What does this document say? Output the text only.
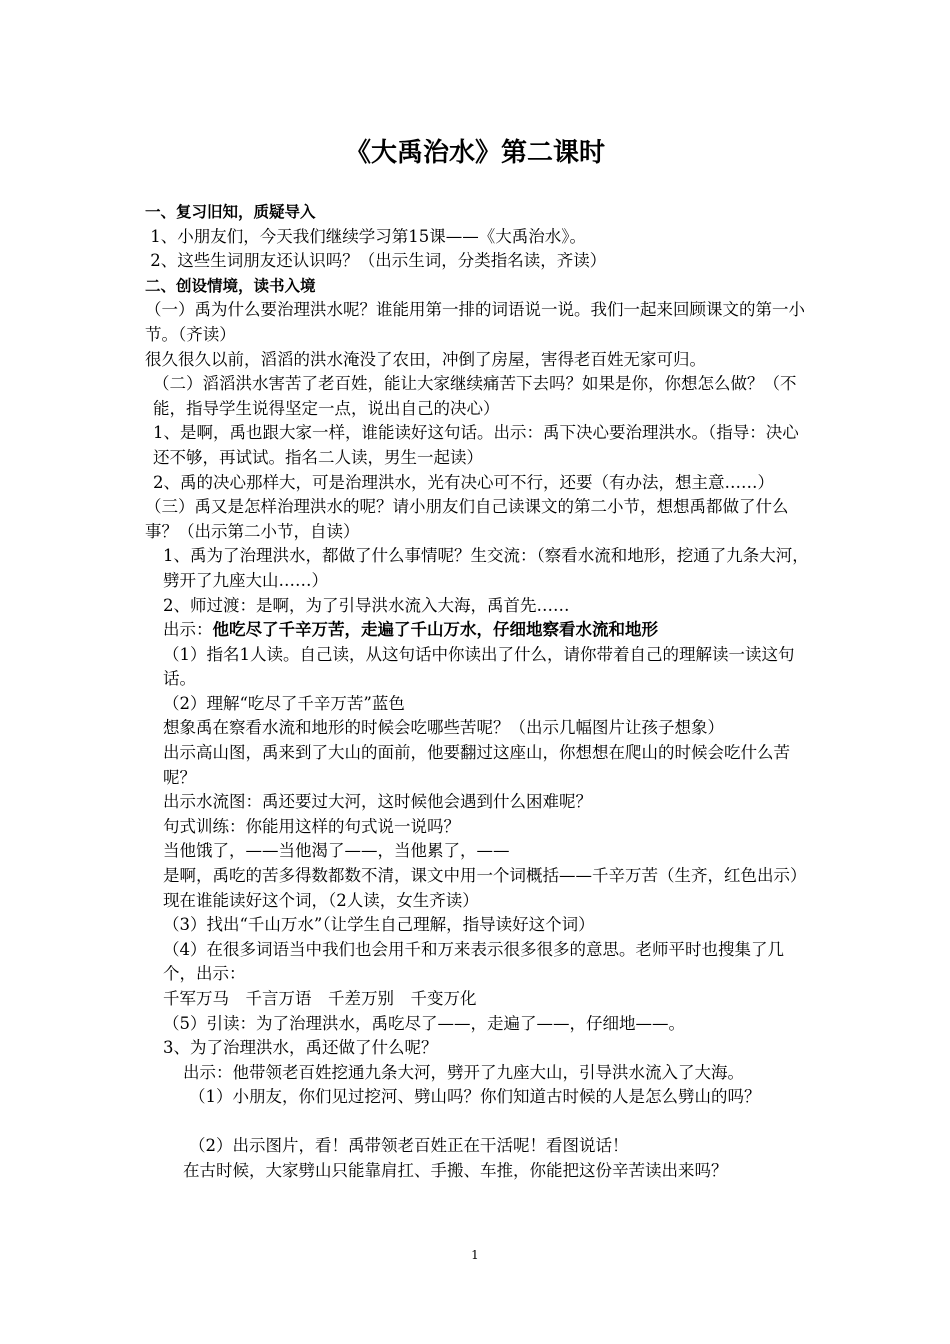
《大禹治水》第二课时
一、复习旧知，质疑导入
1、小朋友们，今天我们继续学习第15课——《大禹治水》。
2、这些生词朋友还认识吗？（出示生词，分类指名读，齐读）
二、创设情境，读书入境
（一）禹为什么要治理洪水呢？谁能用第一排的词语说一说。我们一起来回顾课文的第一小节。（齐读）
很久很久以前，滔滔的洪水淹没了农田，冲倒了房屋，害得老百姓无家可归。
（二）滔滔洪水害苦了老百姓，能让大家继续痛苦下去吗？如果是你，你想怎么做？（不能，指导学生说得坚定一点，说出自己的决心）
1、是啊，禹也跟大家一样，谁能读好这句话。出示：禹下决心要治理洪水。（指导：决心还不够，再试试。指名二人读，男生一起读）
2、禹的决心那样大，可是治理洪水，光有决心可不行，还要（有办法，想主意……）
（三）禹又是怎样治理洪水的呢？请小朋友们自己读课文的第二小节，想想禹都做了什么事？（出示第二小节，自读）
1、禹为了治理洪水，都做了什么事情呢？生交流：（察看水流和地形，挖通了九条大河，劈开了九座大山……）
2、师过渡：是啊，为了引导洪水流入大海，禹首先……
出示：他吃尽了千辛万苦，走遍了千山万水，仔细地察看水流和地形
（1）指名1人读。自己读，从这句话中你读出了什么，请你带着自己的理解读一读这句话。
（2）理解“吃尽了千辛万苦”蓝色
想象禹在察看水流和地形的时候会吃哪些苦呢？（出示几幅图片让孩子想象）
出示高山图，禹来到了大山的面前，他要翻过这座山，你想想在爬山的时候会吃什么苦呢？
出示水流图：禹还要过大河，这时候他会遇到什么困难呢？
句式训练：你能用这样的句式说一说吗？
当他饿了，——当他渴了——，当他累了，——
是啊，禹吃的苦多得数都数不清，课文中用一个词概括——千辛万苦（生齐，红色出示）现在谁能读好这个词，（2人读，女生齐读）
（3）找出“千山万水”（让学生自己理解，指导读好这个词）
（4）在很多词语当中我们也会用千和万来表示很多很多的意思。老师平时也搜集了几个，出示：
千军万马　千言万语　千差万别　千变万化
（5）引读：为了治理洪水，禹吃尽了——，走遍了——，仔细地——。
3、为了治理洪水，禹还做了什么呢？
出示：他带领老百姓挖通九条大河，劈开了九座大山，引导洪水流入了大海。
（1）小朋友，你们见过挖河、劈山吗？你们知道古时候的人是怎么劈山的吗？
（2）出示图片，看！禹带领老百姓正在干活呢！看图说话！
在古时候，大家劈山只能靠肩扛、手搬、车推，你能把这份辛苦读出来吗？
1
